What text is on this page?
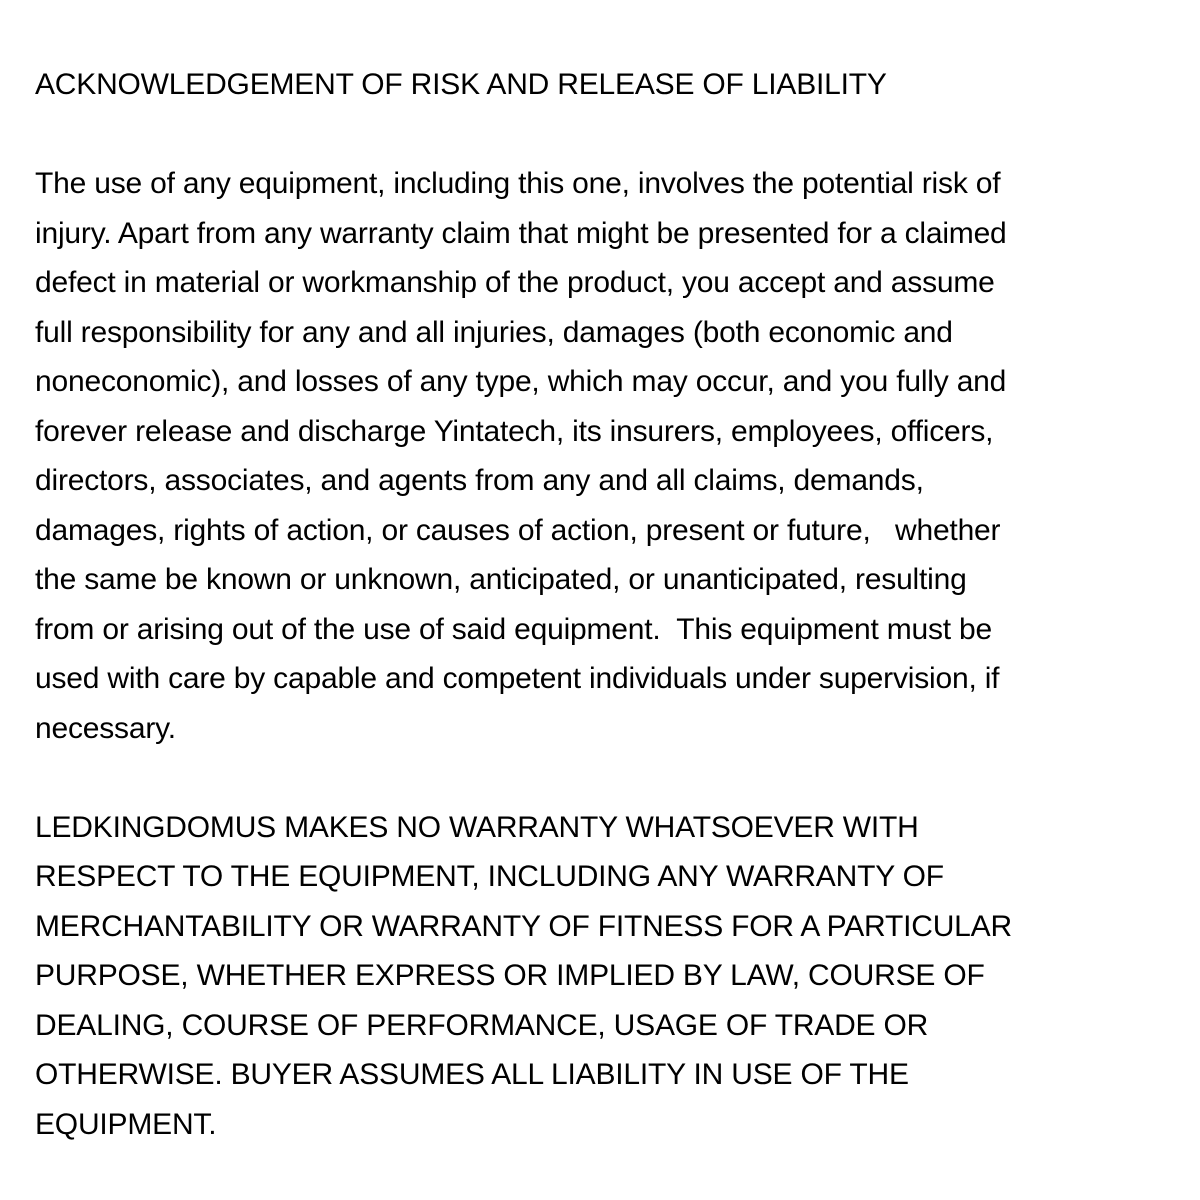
ACKNOWLEDGEMENT OF RISK AND RELEASE OF LIABILITY
The use of any equipment, including this one, involves the potential risk of
injury. Apart from any warranty claim that might be presented for a claimed
defect in material or workmanship of the product, you accept and assume
full responsibility for any and all injuries, damages (both economic and
noneconomic), and losses of any type, which may occur, and you fully and
forever release and discharge Yintatech, its insurers, employees, officers,
directors, associates, and agents from any and all claims, demands,
damages, rights of action, or causes of action, present or future,   whether
the same be known or unknown, anticipated, or unanticipated, resulting
from or arising out of the use of said equipment.  This equipment must be
used with care by capable and competent individuals under supervision, if
necessary.
LEDKINGDOMUS MAKES NO WARRANTY WHATSOEVER WITH
RESPECT TO THE EQUIPMENT, INCLUDING ANY WARRANTY OF
MERCHANTABILITY OR WARRANTY OF FITNESS FOR A PARTICULAR
PURPOSE, WHETHER EXPRESS OR IMPLIED BY LAW, COURSE OF
DEALING, COURSE OF PERFORMANCE, USAGE OF TRADE OR
OTHERWISE. BUYER ASSUMES ALL LIABILITY IN USE OF THE
EQUIPMENT.
